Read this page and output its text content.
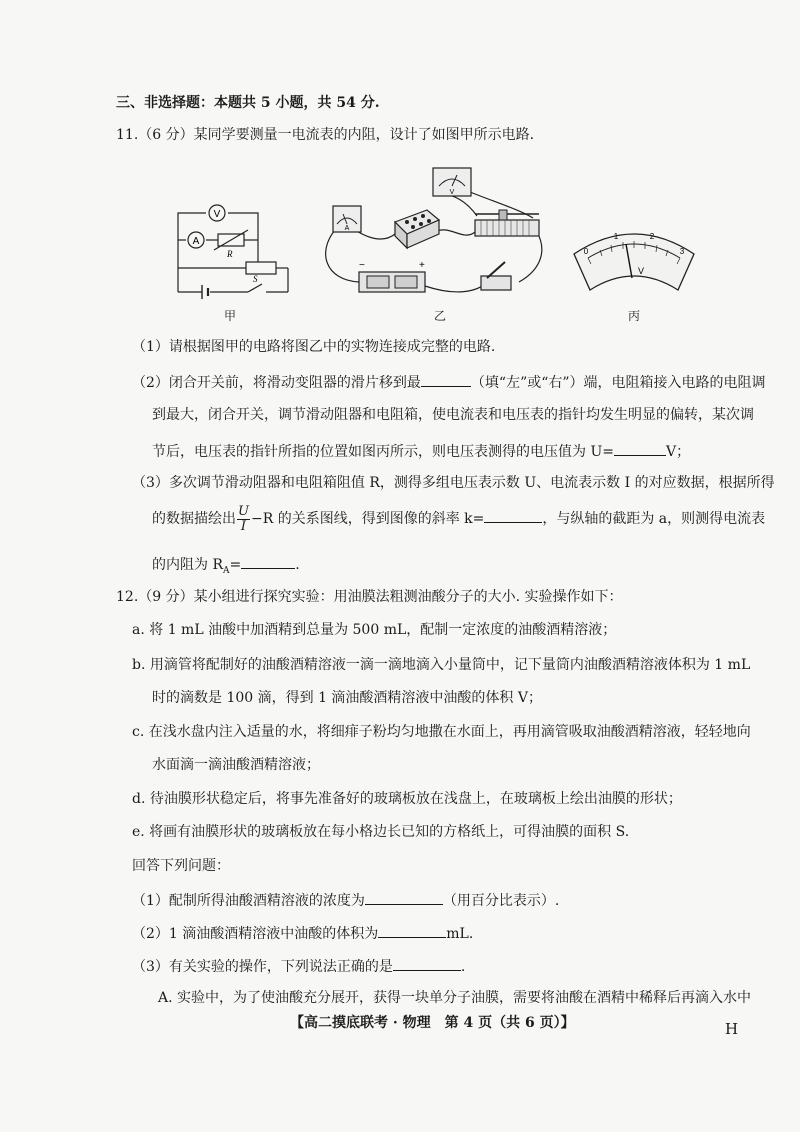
三、非选择题：本题共 5 小题，共 54 分.
11.（6 分）某同学要测量一电流表的内阻，设计了如图甲所示电路.
V
A
R
S
甲
V
A
−	+
乙
0
1	2
3
V
丙
（1）请根据图甲的电路将图乙中的实物连接成完整的电路.
（2）闭合开关前，将滑动变阻器的滑片移到最	（填“左”或“右”）端，电阻箱接入电路的电阻调
到最大，闭合开关，调节滑动阻器和电阻箱，使电流表和电压表的指针均发生明显的偏转，某次调
节后，电压表的指针所指的位置如图丙所示，则电压表测得的电压值为 U=	V；
（3）多次调节滑动阻器和电阻箱阻值 R，测得多组电压表示数 U、电流表示数 I 的对应数据，根据所得
的数据描绘出 $\frac{U}{I} -R$ 的关系图线，得到图像的斜率 k=	，与纵轴的截距为 a，则测得电流表
的内阻为 $R_A=$	.
12.（9 分）某小组进行探究实验：用油膜法粗测油酸分子的大小. 实验操作如下：
a. 将 1 mL 油酸中加酒精到总量为 500 mL，配制一定浓度的油酸酒精溶液；
b. 用滴管将配制好的油酸酒精溶液一滴一滴地滴入小量筒中，记下量筒内油酸酒精溶液体积为 1 mL
时的滴数是 100 滴，得到 1 滴油酸酒精溶液中油酸的体积 V；
c. 在浅水盘内注入适量的水，将细痱子粉均匀地撒在水面上，再用滴管吸取油酸酒精溶液，轻轻地向
水面滴一滴油酸酒精溶液；
d. 待油膜形状稳定后，将事先准备好的玻璃板放在浅盘上，在玻璃板上绘出油膜的形状；
e. 将画有油膜形状的玻璃板放在每小格边长已知的方格纸上，可得油膜的面积 S.
回答下列问题：
（1）配制所得油酸酒精溶液的浓度为	（用百分比表示）.
（2）1 滴油酸酒精溶液中油酸的体积为	mL.
（3）有关实验的操作，下列说法正确的是	.
A. 实验中，为了使油酸充分展开，获得一块单分子油膜，需要将油酸在酒精中稀释后再滴入水中
【高二摸底联考 · 物理　第 4 页（共 6 页）】	H
